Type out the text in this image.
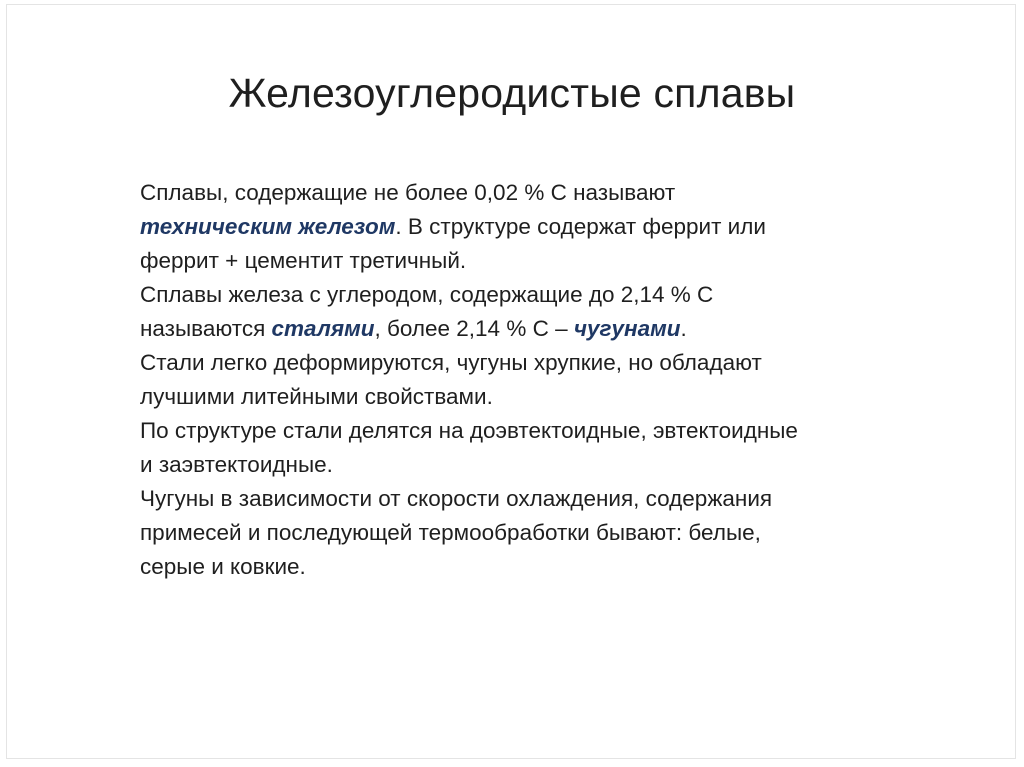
Железоуглеродистые сплавы
Сплавы, содержащие не более 0,02 % С называют
техническим железом. В структуре содержат феррит или
феррит + цементит третичный.
Сплавы железа с углеродом, содержащие до 2,14 % С
называются сталями, более 2,14 % С – чугунами.
Стали легко деформируются, чугуны хрупкие, но обладают
лучшими литейными свойствами.
По структуре стали делятся на доэвтектоидные, эвтектоидные
и заэвтектоидные.
Чугуны в зависимости от скорости охлаждения, содержания
примесей и последующей термообработки бывают: белые,
серые и ковкие.
